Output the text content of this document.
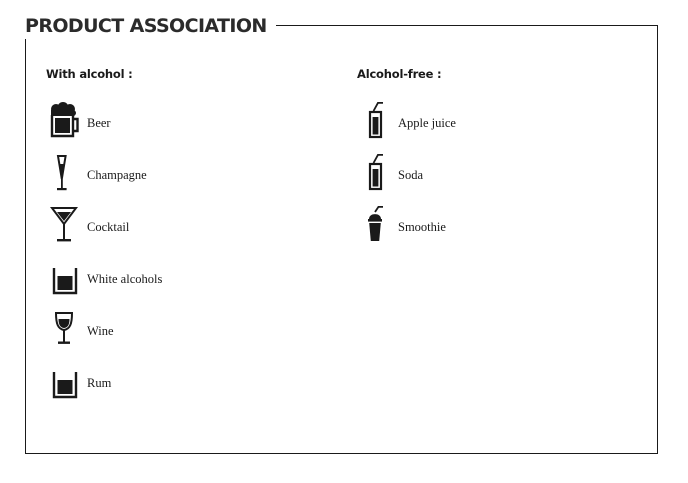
PRODUCT ASSOCIATION
With alcohol :
Beer
Champagne
Cocktail
White alcohols
Wine
Rum
Alcohol-free :
Apple juice
Soda
Smoothie
